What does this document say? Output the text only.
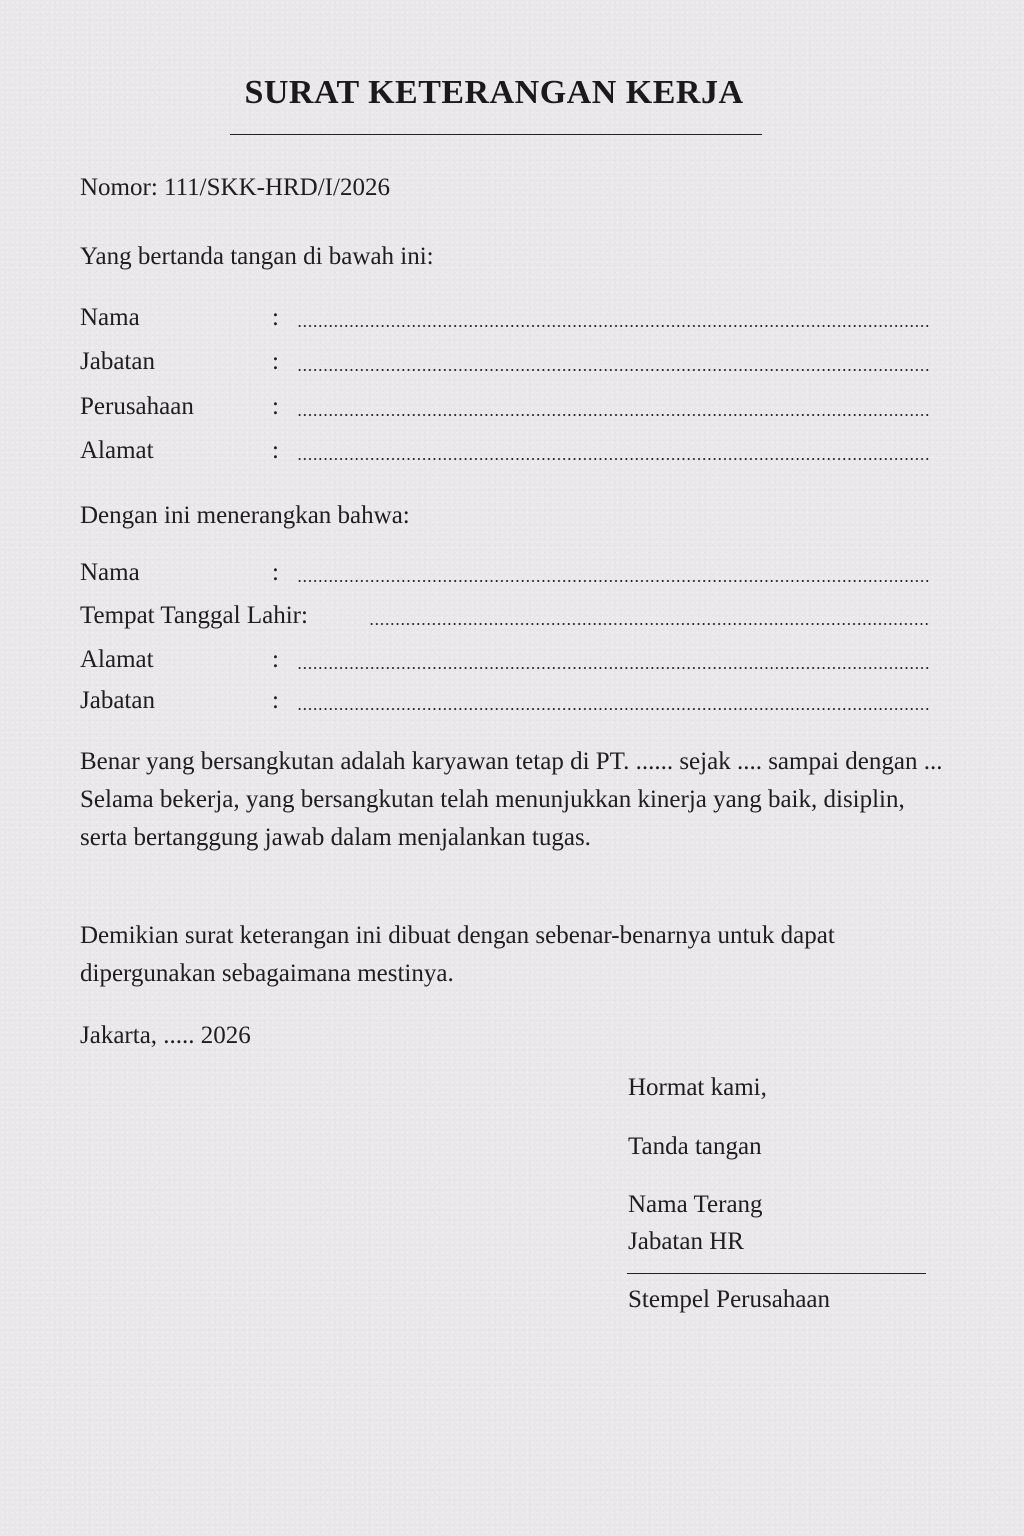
SURAT KETERANGAN KERJA
Nomor: 111/SKK-HRD/I/2026
Yang bertanda tangan di bawah ini:
Nama	:
Jabatan	:
Perusahaan	:
Alamat	:
Dengan ini menerangkan bahwa:
Nama	:
Tempat Tanggal Lahir:
Alamat	:
Jabatan	:
Benar yang bersangkutan adalah karyawan tetap di PT. ...... sejak .... sampai dengan ... Selama bekerja, yang bersangkutan telah menunjukkan kinerja yang baik, disiplin, serta bertanggung jawab dalam menjalankan tugas.
Demikian surat keterangan ini dibuat dengan sebenar-benarnya untuk dapat dipergunakan sebagaimana mestinya.
Jakarta, ..... 2026
Hormat kami,
Tanda tangan
Nama Terang
Jabatan HR
Stempel Perusahaan
